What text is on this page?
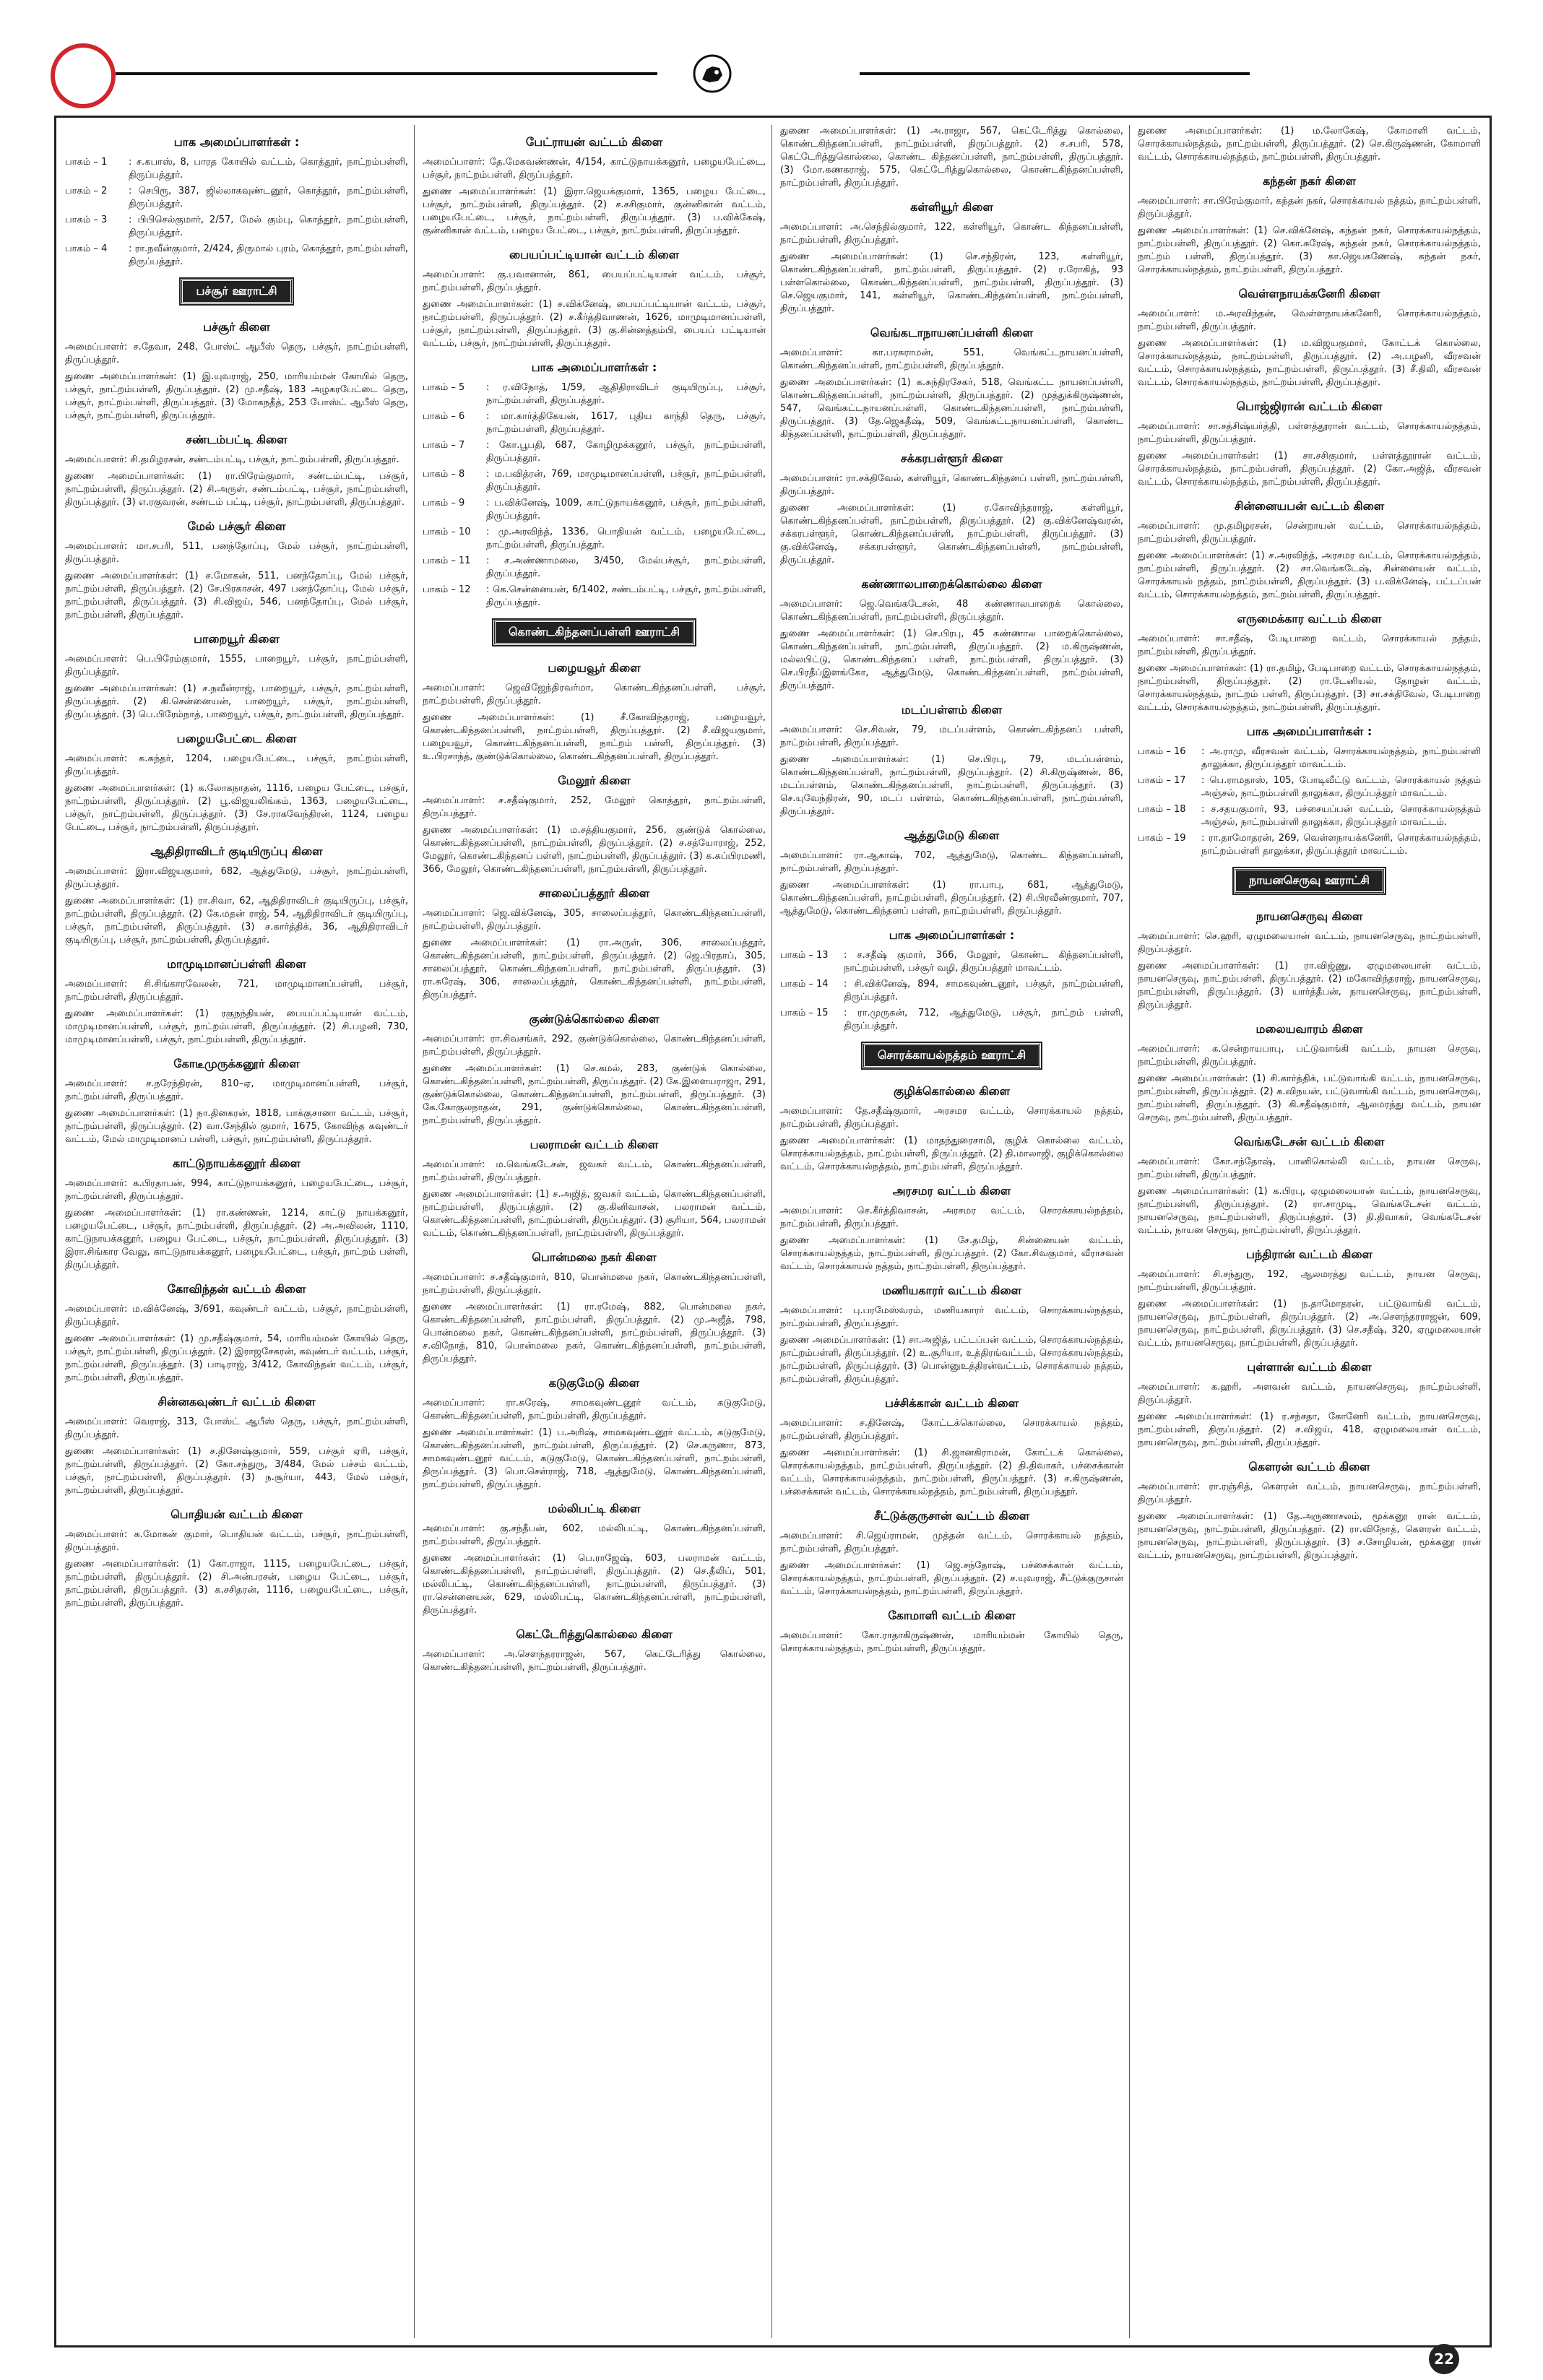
பாக அமைப்பாளர்கள் :
பாகம் – 1	: ச.கபாஸ், 8, பாரத கோயில் வட்டம், கொத்தூர், நாட்றம்பள்ளி, திருப்பத்தூர்.
பாகம் – 2	: செபிரூ, 387, ஜில்லாகவுண்டனூர், கொத்தூர், நாட்றம்பள்ளி, திருப்பத்தூர்.
பாகம் – 3	: பிபிசெல்குமார், 2/57, மேல் கும்பு, கொத்தூர், நாட்றம்பள்ளி, திருப்பத்தூர்.
பாகம் – 4	: ரா.நவீன்குமார், 2/424, திருமால் புரம், கொத்தூர், நாட்றம்பள்ளி, திருப்பத்தூர்.
பச்சூர் ஊராட்சி
பச்சூர் கிளை

அமைப்பாளர்: ச.தேவா, 248, போஸ்ட் ஆபீஸ் தெரு, பச்சூர், நாட்றம்பள்ளி, திருப்பத்தூர்.

துணை அமைப்பாளர்கள்: (1) இ.யுவராஜ், 250, மாரியம்மன் கோயில் தெரு, பச்சூர், நாட்றம்பள்ளி, திருப்பத்தூர். (2) மு.சதீஷ், 183 அழகரபேட்டை தெரு, பச்சூர், நாட்றம்பள்ளி, திருப்பத்தூர். (3) மோகநதீத், 253 போஸ்ட் ஆபீஸ் தெரு, பச்சூர், நாட்றம்பள்ளி, திருப்பத்தூர்.

சண்டம்பட்டி கிளை

அமைப்பாளர்: சி.தமிழரசன், சண்டம்பட்டி, பச்சூர், நாட்றம்பள்ளி, திருப்பத்தூர்.

துணை அமைப்பாளர்கள்: (1) ரா.பிரேம்குமார், சண்டம்பட்டி, பச்சூர், நாட்றம்பள்ளி, திருப்பத்தூர். (2) சி.அருள், சண்டம்பட்டி, பச்சூர், நாட்றம்பள்ளி, திருப்பத்தூர். (3) எ.ரகுவரன், சண்டம் பட்டி, பச்சூர், நாட்றம்பள்ளி, திருப்பத்தூர்.

மேல் பச்சூர் கிளை

அமைப்பாளர்: மா.சபரி, 511, பனந்தோப்பு, மேல் பச்சூர், நாட்றம்பள்ளி, திருப்பத்தூர்.

துணை அமைப்பாளர்கள்: (1) ச.மோகன், 511, பனந்தோப்பு, மேல் பச்சூர், நாட்றம்பள்ளி, திருப்பத்தூர். (2) சே.பிரகாசன், 497 பனந்தோப்பு, மேல் பச்சூர், நாட்றம்பள்ளி, திருப்பத்தூர். (3) சி.விஜய், 546, பனந்தோப்பு, மேல் பச்சூர், நாட்றம்பள்ளி, திருப்பத்தூர்.

பாறையூர் கிளை

அமைப்பாளர்: பெ.பிரேம்குமார், 1555, பாறையூர், பச்சூர், நாட்றம்பள்ளி, திருப்பத்தூர்.

துணை அமைப்பாளர்கள்: (1) ச.நவீன்ராஜ், பாறையூர், பச்சூர், நாட்றம்பள்ளி, திருப்பத்தூர். (2) கி.சென்னையன், பாறையூர், பச்சூர், நாட்றம்பள்ளி, திருப்பத்தூர். (3) பெ.பிரேம்நாத், பாறையூர், பச்சூர், நாட்றம்பள்ளி, திருப்பத்தூர்.

பழையபேட்டை கிளை

அமைப்பாளர்: க.சுந்தர், 1204, பழையபேட்டை, பச்சூர், நாட்றம்பள்ளி, திருப்பத்தூர்.

துணை அமைப்பாளர்கள்: (1) க.லோகநாதன், 1116, பழைய பேட்டை, பச்சூர், நாட்றம்பள்ளி, திருப்பத்தூர். (2) பூ.விஜயலிங்கம், 1363, பழையபேட்டை, பச்சூர், நாட்றம்பள்ளி, திருப்பத்தூர். (3) சே.ராகவேந்திரன், 1124, பழைய பேட்டை, பச்சூர், நாட்றம்பள்ளி, திருப்பத்தூர்.

ஆதிதிராவிடர் குடியிருப்பு கிளை

அமைப்பாளர்: இரா.விஜயகுமார், 682, ஆத்துமேடு, பச்சூர், நாட்றம்பள்ளி, திருப்பத்தூர்.

துணை அமைப்பாளர்கள்: (1) ரா.சிவா, 62, ஆதிதிராவிடர் குடியிருப்பு, பச்சூர், நாட்றம்பள்ளி, திருப்பத்தூர். (2) கே.மதன் ராஜ், 54, ஆதிதிராவிடர் குடியிருப்பு, பச்சூர், நாட்றம்பள்ளி, திருப்பத்தூர். (3) ச.கார்த்திக், 36, ஆதிதிராவிடர் குடியிருப்பு, பச்சூர், நாட்றம்பள்ளி, திருப்பத்தூர்.

மாமுடிமானப்பள்ளி கிளை

அமைப்பாளர்: சி.சிங்காரவேலன், 721, மாமுடிமானப்பள்ளி, பச்சூர், நாட்றம்பள்ளி, திருப்பத்தூர்.

துணை அமைப்பாளர்கள்: (1) ரகுநந்தியன், பையப்பட்டியான் வட்டம், மாமுடிமானப்பள்ளி, பச்சூர், நாட்றம்பள்ளி, திருப்பத்தூர். (2) சி.பழனி, 730, மாமுடிமானப்பள்ளி, பச்சூர், நாட்றம்பள்ளி, திருப்பத்தூர்.

கோடீமுருக்கனூர் கிளை

அமைப்பாளர்: ச.நரேந்திரன், 810–ஏ, மாமுடிமானப்பள்ளி, பச்சூர், நாட்றம்பள்ளி, திருப்பத்தூர்.

துணை அமைப்பாளர்கள்: (1) நா.தினகரன், 1818, பாக்குசானா வட்டம், பச்சூர், நாட்றம்பள்ளி, திருப்பத்தூர். (2) வா.சேந்தில் குமார், 1675, கோவிந்த கவுண்டர் வட்டம், மேல் மாமுடிமானப் பள்ளி, பச்சூர், நாட்றம்பள்ளி, திருப்பத்தூர்.

காட்டுநாயக்கனூர் கிளை

அமைப்பாளர்: க.பிரதாபன், 994, காட்டுநாயக்கனூர், பழையபேட்டை, பச்சூர், நாட்றம்பள்ளி, திருப்பத்தூர்.

துணை அமைப்பாளர்கள்: (1) ரா.கண்ணன், 1214, காட்டு நாயக்கனூர், பழையபேட்டை, பச்சூர், நாட்றம்பள்ளி, திருப்பத்தூர். (2) அ.அவிலன், 1110, காட்டுநாயக்கனூர், பழைய பேட்டை, பச்சூர், நாட்றம்பள்ளி, திருப்பத்தூர். (3) இரா.சிங்கார வேலு, காட்டுநாயக்கனூர், பழையபேட்டை, பச்சூர், நாட்றம் பள்ளி, திருப்பத்தூர்.

கோவிந்தன் வட்டம் கிளை

அமைப்பாளர்: ம.விக்னேஷ், 3/691, கவுண்டர் வட்டம், பச்சூர், நாட்றம்பள்ளி, திருப்பத்தூர்.

துணை அமைப்பாளர்கள்: (1) மு.சதீஷ்குமார், 54, மாரியம்மன் கோயில் தெரு, பச்சூர், நாட்றம்பள்ளி, திருப்பத்தூர். (2) இராஜசேகரன், கவுண்டர் வட்டம், பச்சூர், நாட்றம்பள்ளி, திருப்பத்தூர். (3) பாடிராஜ், 3/412, கோவிந்தன் வட்டம், பச்சூர், நாட்றம்பள்ளி, திருப்பத்தூர்.

சின்னகவுண்டர் வட்டம் கிளை

அமைப்பாளர்: வெராஜ், 313, போஸ்ட் ஆபீஸ் தெரு, பச்சூர், நாட்றம்பள்ளி, திருப்பத்தூர்.

துணை அமைப்பாளர்கள்: (1) ச.தினேஷ்குமார், 559, பச்சூர் ஏரி, பச்சூர், நாட்றம்பள்ளி, திருப்பத்தூர். (2) கோ.சந்துரு, 3/484, மேல் பச்சம் வட்டம், பச்சூர், நாட்றம்பள்ளி, திருப்பத்தூர். (3) ந.சூர்யா, 443, மேல் பச்சூர், நாட்றம்பள்ளி, திருப்பத்தூர்.

பொதியன் வட்டம் கிளை

அமைப்பாளர்: க.மோகன் குமார், பொதியன் வட்டம், பச்சூர், நாட்றம்பள்ளி, திருப்பத்தூர்.

துணை அமைப்பாளர்கள்: (1) கோ.ராஜா, 1115, பழையபேட்டை, பச்சூர், நாட்றம்பள்ளி, திருப்பத்தூர். (2) சி.அன்பரசன், பழைய பேட்டை, பச்சூர், நாட்றம்பள்ளி, திருப்பத்தூர். (3) க.சசிதரன், 1116, பழையபேட்டை, பச்சூர், நாட்றம்பள்ளி, திருப்பத்தூர்.

பேட்ராயன் வட்டம் கிளை

அமைப்பாளர்: தே.மேகவண்ணன், 4/154, காட்டுநாயக்கனூர், பழையபேட்டை, பச்சூர், நாட்றம்பள்ளி, திருப்பத்தூர்.

துணை அமைப்பாளர்கள்: (1) இரா.ஜெயக்குமார், 1365, பழைய பேட்டை, பச்சூர், நாட்றம்பள்ளி, திருப்பத்தூர். (2) ச.சசிகுமார், குன்னிகான் வட்டம், பழையபேட்டை, பச்சூர், நாட்றம்பள்ளி, திருப்பத்தூர். (3) ப.விக்கேஷ், குன்னிகான் வட்டம், பழைய பேட்டை, பச்சூர், நாட்றம்பள்ளி, திருப்பத்தூர்.

பையப்பட்டியான் வட்டம் கிளை

அமைப்பாளர்: கு.பவானான், 861, பையப்பட்டியான் வட்டம், பச்சூர், நாட்றம்பள்ளி, திருப்பத்தூர்.

துணை அமைப்பாளர்கள்: (1) ச.விக்னேஷ், பையப்பட்டியான் வட்டம், பச்சூர், நாட்றம்பள்ளி, திருப்பத்தூர். (2) ச.கீர்த்திவாணன், 1626, மாமுடிமானப்பள்ளி, பச்சூர், நாட்றம்பள்ளி, திருப்பத்தூர். (3) கு.சின்னத்தம்பி, பையப் பட்டியான் வட்டம், பச்சூர், நாட்றம்பள்ளி, திருப்பத்தூர்.

பாக அமைப்பாளர்கள் :
பாகம் – 5	: ர.விநோத், 1/59, ஆதிதிராவிடர் குடியிருப்பு, பச்சூர், நாட்றம்பள்ளி, திருப்பத்தூர்.
பாகம் – 6	: மா.கார்த்திகேயன், 1617, புதிய காந்தி தெரு, பச்சூர், நாட்றம்பள்ளி, திருப்பத்தூர்.
பாகம் – 7	: கோ.பூபதி, 687, கோழிமுக்கனூர், பச்சூர், நாட்றம்பள்ளி, திருப்பத்தூர்.
பாகம் – 8	: ம.பவித்ரன், 769, மாமுடிமானப்பள்ளி, பச்சூர், நாட்றம்பள்ளி, திருப்பத்தூர்.
பாகம் – 9	: ப.விக்னேஷ், 1009, காட்டுநாயக்கனூர், பச்சூர், நாட்றம்பள்ளி, திருப்பத்தூர்.
பாகம் – 10	: மு.அரவிந்த், 1336, பொதியன் வட்டம், பழையபேட்டை, நாட்றம்பள்ளி, திருப்பத்தூர்.
பாகம் – 11	: ச.அண்ணாமலை, 3/450, மேல்பச்சூர், நாட்றம்பள்ளி, திருப்பத்தூர்.
பாகம் – 12	: கெ.சென்னையன், 6/1402, சண்டம்பட்டி, பச்சூர், நாட்றம்பள்ளி, திருப்பத்தூர்.
கொண்டகிந்தனப்பள்ளி ஊராட்சி
பழையவூர் கிளை

அமைப்பாளர்: ஜெவிஜேந்திரவர்மா, கொண்டகிந்தனப்பள்ளி, பச்சூர், நாட்றம்பள்ளி, திருப்பத்தூர்.

துணை அமைப்பாளர்கள்: (1) சீ.கோவிந்தராஜ், பழையவூர், கொண்டகிந்தனப்பள்ளி, நாட்றம்பள்ளி, திருப்பத்தூர். (2) சீ.விஜயகுமார், பழையவூர், கொண்டகிந்தனப்பள்ளி, நாட்றம் பள்ளி, திருப்பத்தூர். (3) உ.பிரசாந்த், குண்டுக்கொல்லை, கொண்டகிந்தனப்பள்ளி, திருப்பத்தூர்.

மேலூர் கிளை

அமைப்பாளர்: ச.சதீஷ்குமார், 252, மேலூர் கொத்தூர், நாட்றம்பள்ளி, திருப்பத்தூர்.

துணை அமைப்பாளர்கள்: (1) ம.சத்தியகுமார், 256, குண்டுக் கொல்லை, கொண்டகிந்தனப்பள்ளி, நாட்றம்பள்ளி, திருப்பத்தூர். (2) ச.சத்யோராஜ், 252, மேலூர், கொண்டகிந்தனப் பள்ளி, நாட்றம்பள்ளி, திருப்பத்தூர். (3) க.கப்பிரமணி, 366, மேலூர், கொண்டகிந்தனப்பள்ளி, நாட்றம்பள்ளி, திருப்பத்தூர்.

சாலைப்பத்தூர் கிளை

அமைப்பாளர்: ஜெ.விக்னேஷ், 305, சாலைப்பத்தூர், கொண்டகிந்தனப்பள்ளி, நாட்றம்பள்ளி, திருப்பத்தூர்.

துணை அமைப்பாளர்கள்: (1) ரா.அருள், 306, சாலைப்பத்தூர், கொண்டகிந்தனப்பள்ளி, நாட்றம்பள்ளி, திருப்பத்தூர். (2) ஜெ.பிரதாப், 305, சாலைப்பத்தூர், கொண்டகிந்தனப்பள்ளி, நாட்றம்பள்ளி, திருப்பத்தூர். (3) ரா.சுரேஷ், 306, சாலைப்பத்தூர், கொண்டகிந்தனப்பள்ளி, நாட்றம்பள்ளி, திருப்பத்தூர்.

குண்டுக்கொல்லை கிளை

அமைப்பாளர்: ரா.சிவசங்கர், 292, குண்டுக்கொல்லை, கொண்டகிந்தனப்பள்ளி, நாட்றம்பள்ளி, திருப்பத்தூர்.

துணை அமைப்பாளர்கள்: (1) செ.கமல், 283, குண்டுக் கொல்லை, கொண்டகிந்தனப்பள்ளி, நாட்றம்பள்ளி, திருப்பத்தூர். (2) கே.இளையராஜா, 291, குண்டுக்கொல்லை, கொண்டகிந்தனப்பள்ளி, நாட்றம்பள்ளி, திருப்பத்தூர். (3) கே.கோகுலநாதன், 291, குண்டுக்கொல்லை, கொண்டகிந்தனப்பள்ளி, நாட்றம்பள்ளி, திருப்பத்தூர்.

பலராமன் வட்டம் கிளை

அமைப்பாளர்: ம.வெங்கடேசன், ஜவகர் வட்டம், கொண்டகிந்தனப்பள்ளி, நாட்றம்பள்ளி, திருப்பத்தூர்.

துணை அமைப்பாளர்கள்: (1) ச.அஜித், ஜவகர் வட்டம், கொண்டகிந்தனப்பள்ளி, நாட்றம்பள்ளி, திருப்பத்தூர். (2) கு.கினிவாசன், பலராமன் வட்டம், கொண்டகிந்தனப்பள்ளி, நாட்றம்பள்ளி, திருப்பத்தூர். (3) சூரியா, 564, பலராமன் வட்டம், கொண்டகிந்தனப்பள்ளி, நாட்றம்பள்ளி, திருப்பத்தூர்.

பொன்மலை நகர் கிளை

அமைப்பாளர்: ச.சதீஷ்குமார், 810, பொன்மலை நகர், கொண்டகிந்தனப்பள்ளி, நாட்றம்பள்ளி, திருப்பத்தூர்.

துணை அமைப்பாளர்கள்: (1) ரா.ரமேஷ், 882, பொன்மலை நகர், கொண்டகிந்தனப்பள்ளி, நாட்றம்பள்ளி, திருப்பத்தூர். (2) மு.அஜீத், 798, பொன்மலை நகர், கொண்டகிந்தனப்பள்ளி, நாட்றம்பள்ளி, திருப்பத்தூர். (3) ச.விநோத், 810, பொன்மலை நகர், கொண்டகிந்தனப்பள்ளி, நாட்றம்பள்ளி, திருப்பத்தூர்.

கடுகுமேடு கிளை

அமைப்பாளர்: ரா.சுரேஷ், சாமகவுண்டனூர் வட்டம், கடுகுமேடு, கொண்டகிந்தனப்பள்ளி, நாட்றம்பள்ளி, திருப்பத்தூர்.

துணை அமைப்பாளர்கள்: (1) ப.அரிஷ், சாமகவுண்டனூர் வட்டம், கடுகுமேடு, கொண்டகிந்தனப்பள்ளி, நாட்றம்பள்ளி, திருப்பத்தூர். (2) செ.கருணா, 873, சாமகவுண்டனூர் வட்டம், கடுகுமேடு, கொண்டகிந்தனப்பள்ளி, நாட்றம்பள்ளி, திருப்பத்தூர். (3) பொ.செள்ராஜ், 718, ஆத்துமேடு, கொண்டகிந்தனப்பள்ளி, நாட்றம்பள்ளி, திருப்பத்தூர்.

மல்லிபட்டி கிளை

அமைப்பாளர்: கு.சந்தீபன், 602, மல்லிபட்டி, கொண்டகிந்தனப்பள்ளி, நாட்றம்பள்ளி, திருப்பத்தூர்.

துணை அமைப்பாளர்கள்: (1) பெ.ராஜேஷ், 603, பலராமன் வட்டம், கொண்டகிந்தனப்பள்ளி, நாட்றம்பள்ளி, திருப்பத்தூர். (2) செ.தீலிப், 501, மல்லிபட்டி, கொண்டகிந்தனப்பள்ளி, நாட்றம்பள்ளி, திருப்பத்தூர். (3) ரா.சென்னையன், 629, மல்லிபட்டி, கொண்டகிந்தனப்பள்ளி, நாட்றம்பள்ளி, திருப்பத்தூர்.

கெட்டேரித்துகொல்லை கிளை

அமைப்பாளர்: அ.சௌந்தரராஜன், 567, கெட்டேரித்து கொல்லை, கொண்டகிந்தனப்பள்ளி, நாட்றம்பள்ளி, திருப்பத்தூர்.

துணை அமைப்பாளர்கள்: (1) அ.ராஜா, 567, கெட்டேரித்து கொல்லை, கொண்டகிந்தனப்பள்ளி, நாட்றம்பள்ளி, திருப்பத்தூர். (2) ச.சபரி, 578, கெட்டேரித்துகொல்லை, கொண்ட கிந்தனப்பள்ளி, நாட்றம்பள்ளி, திருப்பத்தூர். (3) மோ.கணகராஜ், 575, கெட்டேரித்துகொல்லை, கொண்டகிந்தனப்பள்ளி, நாட்றம்பள்ளி, திருப்பத்தூர்.

கள்ளியூர் கிளை

அமைப்பாளர்: அ.செந்தில்குமார், 122, கள்ளியூர், கொண்ட கிந்தனப்பள்ளி, நாட்றம்பள்ளி, திருப்பத்தூர்.

துணை அமைப்பாளர்கள்: (1) செ.சந்திரன், 123, கள்ளியூர், கொண்டகிந்தனப்பள்ளி, நாட்றம்பள்ளி, திருப்பத்தூர். (2) ர.ரோகித், 93 பள்ளகொல்லை, கொண்டகிந்தனப்பள்ளி, நாட்றம்பள்ளி, திருப்பத்தூர். (3) செ.ஜெயகுமார், 141, கள்ளியூர், கொண்டகிந்தனப்பள்ளி, நாட்றம்பள்ளி, திருப்பத்தூர்.

வெங்கடாநாயனப்பள்ளி கிளை

அமைப்பாளர்: கா.பரசுராமன், 551, வெங்கட்டநாயனப்பள்ளி, கொண்டகிந்தனப்பள்ளி, நாட்றம்பள்ளி, திருப்பத்தூர்.

துணை அமைப்பாளர்கள்: (1) க.சுந்திரசேகர், 518, வெங்கட்ட நாயனப்பள்ளி, கொண்டகிந்தனப்பள்ளி, நாட்றம்பள்ளி, திருப்பத்தூர். (2) முத்துக்கிருஷ்ணன், 547, வெங்கட்டநாயனப்பள்ளி, கொண்டகிந்தனப்பள்ளி, நாட்றம்பள்ளி, திருப்பத்தூர். (3) தே.ஜெகதீஷ், 509, வெங்கட்டநாயனப்பள்ளி, கொண்ட கிந்தனப்பள்ளி, நாட்றம்பள்ளி, திருப்பத்தூர்.

சக்கரபள்ளூர் கிளை

அமைப்பாளர்: ரா.சக்திவேல், கள்ளியூர், கொண்டகிந்தனப் பள்ளி, நாட்றம்பள்ளி, திருப்பத்தூர்.

துணை அமைப்பாளர்கள்: (1) ர.கோவிந்தராஜ், கள்ளியூர், கொண்டகிந்தனப்பள்ளி, நாட்றம்பள்ளி, திருப்பத்தூர். (2) கு.விக்னேஷ்வரன், சக்கரபள்ளூர், கொண்டகிந்தனப்பள்ளி, நாட்றம்பள்ளி, திருப்பத்தூர். (3) கு.விக்னேஷ், சக்கரபள்ளூர், கொண்டகிந்தனப்பள்ளி, நாட்றம்பள்ளி, திருப்பத்தூர்.

கண்ணாலபாறைக்கொல்லை கிளை

அமைப்பாளர்: ஜெ.வெங்கடேசன், 48 கண்ணாலபாறைக் கொல்லை, கொண்டகிந்தனப்பள்ளி, நாட்றம்பள்ளி, திருப்பத்தூர்.

துணை அமைப்பாளர்கள்: (1) செ.பிரபு, 45 கண்ணால பாறைக்கொல்லை, கொண்டகிந்தனப்பள்ளி, நாட்றம்பள்ளி, திருப்பத்தூர். (2) ம.கிருஷ்ணன், மல்லபிட்டு, கொண்டகிந்தனப் பள்ளி, நாட்றம்பள்ளி, திருப்பத்தூர். (3) செ.பிரதீப்இளங்கோ, ஆத்துமேடு, கொண்டகிந்தனப்பள்ளி, நாட்றம்பள்ளி, திருப்பத்தூர்.

மடப்பள்ளம் கிளை

அமைப்பாளர்: செ.சிவன், 79, மடப்பள்ளம், கொண்டகிந்தனப் பள்ளி, நாட்றம்பள்ளி, திருப்பத்தூர்.

துணை அமைப்பாளர்கள்: (1) செ.பிரபு, 79, மடப்பள்ளம், கொண்டகிந்தனப்பள்ளி, நாட்றம்பள்ளி, திருப்பத்தூர். (2) சி.கிருஷ்ணன், 86, மடப்பள்ளம், கொண்டகிந்தனப்பள்ளி, நாட்றம்பள்ளி, திருப்பத்தூர். (3) செ.யுவேந்திரன், 90, மடப் பள்ளம், கொண்டகிந்தனப்பள்ளி, நாட்றம்பள்ளி, திருப்பத்தூர்.

ஆத்துமேடு கிளை

அமைப்பாளர்: ரா.ஆகாஷ், 702, ஆத்துமேடு, கொண்ட கிந்தனப்பள்ளி, நாட்றம்பள்ளி, திருப்பத்தூர்.

துணை அமைப்பாளர்கள்: (1) ரா.பாபு, 681, ஆத்துமேடு, கொண்டகிந்தனப்பள்ளி, நாட்றம்பள்ளி, திருப்பத்தூர். (2) சி.பிரவீண்குமார், 707, ஆத்துமேடு, கொண்டகிந்தனப் பள்ளி, நாட்றம்பள்ளி, திருப்பத்தூர்.

பாக அமைப்பாளர்கள் :
பாகம் – 13	: ச.சதீஷ் குமார், 366, மேலூர், கொண்ட கிந்தனப்பள்ளி, நாட்றம்பள்ளி, பச்சூர் வழி, திருப்பத்தூர் மாவட்டம்.
பாகம் – 14	: சி.விக்னேஷ், 894, சாமகவுண்டனூர், பச்சூர், நாட்றம்பள்ளி, திருப்பத்தூர்.
பாகம் – 15	: ரா.முருகன், 712, ஆத்துமேடு, பச்சூர், நாட்றம் பள்ளி, திருப்பத்தூர்.
சொரக்காயல்நத்தம் ஊராட்சி
குழிக்கொல்லை கிளை

அமைப்பாளர்: தே.சதீஷ்குமார், அரசமர வட்டம், சொரக்காயல் நத்தம், நாட்றம்பள்ளி, திருப்பத்தூர்.

துணை அமைப்பாளர்கள்: (1) மாதந்துரைசாமி, குழிக் கொல்லை வட்டம், சொரக்காயல்நத்தம், நாட்றம்பள்ளி, திருப்பத்தூர். (2) தி.மாலாஜி, குழிக்கொல்லை வட்டம், சொரக்காயல்நத்தம், நாட்றம்பள்ளி, திருப்பத்தூர்.

அரசமர வட்டம் கிளை

அமைப்பாளர்: செ.கீர்த்திவாசன், அரசமர வட்டம், சொரக்காயல்நத்தம், நாட்றம்பள்ளி, திருப்பத்தூர்.

துணை அமைப்பாளர்கள்: (1) சே.தமிழ், சின்னையன் வட்டம், சொரக்காயல்நத்தம், நாட்றம்பள்ளி, திருப்பத்தூர். (2) கோ.சிவகுமார், வீராசவன் வட்டம், சொரக்காயல் நத்தம், நாட்றம்பள்ளி, திருப்பத்தூர்.

மணியகாரர் வட்டம் கிளை

அமைப்பாளர்: பு.பரமேஸ்வரம், மணியகாரர் வட்டம், சொரக்காயல்நத்தம், நாட்றம்பள்ளி, திருப்பத்தூர்.

துணை அமைப்பாளர்கள்: (1) சா.அஜித், பட்டப்பன் வட்டம், சொரக்காயல்நத்தம், நாட்றம்பள்ளி, திருப்பத்தூர். (2) உ.சூரியா, உத்திரங்வட்டம், சொரக்காயல்நத்தம், நாட்றம்பள்ளி, திருப்பத்தூர். (3) பொன்னுஉத்திரன்வட்டம், சொரக்காயல் நத்தம், நாட்றம்பள்ளி, திருப்பத்தூர்.

பச்சிக்கான் வட்டம் கிளை

அமைப்பாளர்: ச.தினேஷ், கோட்டக்கொல்லை, சொரக்காயல் நத்தம், நாட்றம்பள்ளி, திருப்பத்தூர்.

துணை அமைப்பாளர்கள்: (1) சி.ஜானகிராமன், கோட்டக் கொல்லை, சொரக்காயல்நத்தம், நாட்றம்பள்ளி, திருப்பத்தூர். (2) தி.திவாகர், பச்சைக்கான் வட்டம், சொரக்காயல்நத்தம், நாட்றம்பள்ளி, திருப்பத்தூர். (3) ச.கிருஷ்ணன், பச்சைக்கான் வட்டம், சொரக்காயல்நத்தம், நாட்றம்பள்ளி, திருப்பத்தூர்.

சீட்டுக்குருசான் வட்டம் கிளை

அமைப்பாளர்: சி.ஜெய்ராமன், முத்தன் வட்டம், சொரக்காயல் நத்தம், நாட்றம்பள்ளி, திருப்பத்தூர்.

துணை அமைப்பாளர்கள்: (1) ஜெ.சந்தோஷ், பச்சைக்கான் வட்டம், சொரக்காயல்நத்தம், நாட்றம்பள்ளி, திருப்பத்தூர். (2) ச.யுவராஜ், சீட்டுக்குருசான் வட்டம், சொரக்காயல்நத்தம், நாட்றம்பள்ளி, திருப்பத்தூர்.

கோமாளி வட்டம் கிளை

அமைப்பாளர்: கோ.ராதாகிருஷ்ணன், மாரியம்மன் கோயில் தெரு, சொரக்காயல்நத்தம், நாட்றம்பள்ளி, திருப்பத்தூர்.

துணை அமைப்பாளர்கள்: (1) ம.லோகேஷ், கோமாளி வட்டம், சொரக்காயல்நத்தம், நாட்றம்பள்ளி, திருப்பத்தூர். (2) செ.கிருஷ்ணன், கோமாளி வட்டம், சொரக்காயல்நத்தம், நாட்றம்பள்ளி, திருப்பத்தூர்.

கந்தன் நகர் கிளை

அமைப்பாளர்: சா.பிரேம்குமார், கந்தன் நகர், சொரக்காயல் நத்தம், நாட்றம்பள்ளி, திருப்பத்தூர்.

துணை அமைப்பாளர்கள்: (1) செ.விக்னேஷ், கந்தன் நகர், சொரக்காயல்நத்தம், நாட்றம்பள்ளி, திருப்பத்தூர். (2) கொ.சுரேஷ், கந்தன் நகர், சொரக்காயல்நத்தம், நாட்றம் பள்ளி, திருப்பத்தூர். (3) கா.ஜெயகணேஷ், கந்தன் நகர், சொரக்காயல்நத்தம், நாட்றம்பள்ளி, திருப்பத்தூர்.

வெள்ளநாயக்கனேரி கிளை

அமைப்பாளர்: ம.அரவிந்தன், வெள்ளநாயக்கனேரி, சொரக்காயல்நத்தம், நாட்றம்பள்ளி, திருப்பத்தூர்.

துணை அமைப்பாளர்கள்: (1) ம.விஜயகுமார், கோட்டக் கொல்லை, சொரக்காயல்நத்தம், நாட்றம்பள்ளி, திருப்பத்தூர். (2) அ.பழனி, வீரசவன் வட்டம், சொரக்காயல்நத்தம், நாட்றம்பள்ளி, திருப்பத்தூர். (3) சீ.திலி, வீரசவன் வட்டம், சொரக்காயல்நத்தம், நாட்றம்பள்ளி, திருப்பத்தூர்.

பொஜ்ஜிரான் வட்டம் கிளை

அமைப்பாளர்: சா.சத்சிஷ்யர்த்தி, பள்ளத்தூரான் வட்டம், சொரக்காயல்நத்தம், நாட்றம்பள்ளி, திருப்பத்தூர்.

துணை அமைப்பாளர்கள்: (1) சா.சசிகுமார், பள்ளத்தூரான் வட்டம், சொரக்காயல்நத்தம், நாட்றம்பள்ளி, திருப்பத்தூர். (2) கோ.அஜித், வீரசவன் வட்டம், சொரக்காயல்நத்தம், நாட்றம்பள்ளி, திருப்பத்தூர்.

சின்னையபன் வட்டம் கிளை

அமைப்பாளர்: மு.தமிழரசன், சென்றாயன் வட்டம், சொரக்காயல்நத்தம், நாட்றம்பள்ளி, திருப்பத்தூர்.

துணை அமைப்பாளர்கள்: (1) ச.அரவிந்த், அரசமர வட்டம், சொரக்காயல்நத்தம், நாட்றம்பள்ளி, திருப்பத்தூர். (2) சா.வெங்கடேஷ், சின்னையன் வட்டம், சொரக்காயல் நத்தம், நாட்றம்பள்ளி, திருப்பத்தூர். (3) ப.விக்னேஷ், பட்டப்பன் வட்டம், சொரக்காயல்நத்தம், நாட்றம்பள்ளி, திருப்பத்தூர்.

எருமைக்கார வட்டம் கிளை

அமைப்பாளர்: சா.சதீஷ், பேடிபாறை வட்டம், சொரக்காயல் நத்தம், நாட்றம்பள்ளி, திருப்பத்தூர்.

துணை அமைப்பாளர்கள்: (1) ரா.தமிழ், பேடிபாறை வட்டம், சொரக்காயல்நத்தம், நாட்றம்பள்ளி, திருப்பத்தூர். (2) ரா.டேனியல், தோழன் வட்டம், சொரக்காயல்நத்தம், நாட்றம் பள்ளி, திருப்பத்தூர். (3) சா.சக்திவேல், பேடிபாறை வட்டம், சொரக்காயல்நத்தம், நாட்றம்பள்ளி, திருப்பத்தூர்.

பாக அமைப்பாளர்கள் :
பாகம் – 16	: அ.ராமு, வீரசவன் வட்டம், சொரக்காயல்நத்தம், நாட்றம்பள்ளி தாலுக்கா, திருப்பத்தூர் மாவட்டம்.
பாகம் – 17	: பெ.ராமதாஸ், 105, போடிவீட்டு வட்டம், சொரக்காயல் நத்தம் அஞ்சல், நாட்றம்பள்ளி தாலுக்கா, திருப்பத்தூர் மாவட்டம்.
பாகம் – 18	: ச.சதயகுமார், 93, பச்சையப்பன் வட்டம், சொரக்காயல்நத்தம் அஞ்சல், நாட்றம்பள்ளி தாலுக்கா, திருப்பத்தூர் மாவட்டம்.
பாகம் – 19	: ரா.தாமோதரன், 269, வெள்ளநாயக்கனேரி, சொரக்காயல்நத்தம், நாட்றம்பள்ளி தாலுக்கா, திருப்பத்தூர் மாவட்டம்.
நாயனசெருவு ஊராட்சி
நாயனசெருவு கிளை

அமைப்பாளர்: செ.ஹரி, ஏழுமலையான் வட்டம், நாயனசெருவு, நாட்றம்பள்ளி, திருப்பத்தூர்.

துணை அமைப்பாளர்கள்: (1) ரா.விஜ்ணு, ஏழுமலையான் வட்டம், நாயனசெருவு, நாட்றம்பள்ளி, திருப்பத்தூர். (2) மகோவிந்தராஜ், நாயனசெருவு, நாட்றம்பள்ளி, திருப்பத்தூர். (3) யார்த்தீபன், நாயனசெருவு, நாட்றம்பள்ளி, திருப்பத்தூர்.

மலையவாரம் கிளை

அமைப்பாளர்: க.சென்றாயபாபு, பட்டுவாங்கி வட்டம், நாயன செருவு, நாட்றம்பள்ளி, திருப்பத்தூர்.

துணை அமைப்பாளர்கள்: (1) சி.கார்த்திக், பட்டுவாங்கி வட்டம், நாயனசெருவு, நாட்றம்பள்ளி, திருப்பத்தூர். (2) க.விநயன், பட்டுவாங்கி வட்டம், நாயனசெருவு, நாட்றம்பள்ளி, திருப்பத்தூர். (3) கி.சதீஷ்குமார், ஆலமரத்து வட்டம், நாயன செருவு, நாட்றம்பள்ளி, திருப்பத்தூர்.

வெங்கடேசன் வட்டம் கிளை

அமைப்பாளர்: கோ.சந்தோஷ், பானிகொல்லி வட்டம், நாயன செருவு, நாட்றம்பள்ளி, திருப்பத்தூர்.

துணை அமைப்பாளர்கள்: (1) க.பிரபு, ஏழுமலையான் வட்டம், நாயனசெருவு, நாட்றம்பள்ளி, திருப்பத்தூர். (2) ரா.சாமுடி, வெங்கடேசன் வட்டம், நாயனசெருவு, நாட்றம்பள்ளி, திருப்பத்தூர். (3) தி.திவாகர், வெங்கடேசன் வட்டம், நாயன செருவு, நாட்றம்பள்ளி, திருப்பத்தூர்.

பந்திரான் வட்டம் கிளை

அமைப்பாளர்: சி.சந்துரு, 192, ஆலமரத்து வட்டம், நாயன செருவு, நாட்றம்பள்ளி, திருப்பத்தூர்.

துணை அமைப்பாளர்கள்: (1) ந.தாமோதரன், பட்டுவாங்கி வட்டம், நாயனசெருவு, நாட்றம்பள்ளி, திருப்பத்தூர். (2) அ.சௌந்தரராஜன், 609, நாயனசெருவு, நாட்றம்பள்ளி, திருப்பத்தூர். (3) செ.சதீஷ், 320, ஏழுமலையான் வட்டம், நாயனசெருவு, நாட்றம்பள்ளி, திருப்பத்தூர்.

புள்ளான் வட்டம் கிளை

அமைப்பாளர்: க.ஹரி, அளவன் வட்டம், நாயனசெருவு, நாட்றம்பள்ளி, திருப்பத்தூர்.

துணை அமைப்பாளர்கள்: (1) ர.சந்சதா, கோனேரி வட்டம், நாயனசெருவு, நாட்றம்பள்ளி, திருப்பத்தூர். (2) ச.விஜய், 418, ஏழுமலையான் வட்டம், நாயனசெருவு, நாட்றம்பள்ளி, திருப்பத்தூர்.

கௌரன் வட்டம் கிளை

அமைப்பாளர்: ரா.ரஞ்சித், கௌரன் வட்டம், நாயனசெருவு, நாட்றம்பள்ளி, திருப்பத்தூர்.

துணை அமைப்பாளர்கள்: (1) தே.அருணாசலம், மூக்கனூ ரான் வட்டம், நாயனசெருவு, நாட்றம்பள்ளி, திருப்பத்தூர். (2) ரா.விநோத், கௌரன் வட்டம், நாயனசெருவு, நாட்றம்பள்ளி, திருப்பத்தூர். (3) ச.சோழியன், மூக்கனூ ரான் வட்டம், நாயனசெருவு, நாட்றம்பள்ளி, திருப்பத்தூர்.

22
